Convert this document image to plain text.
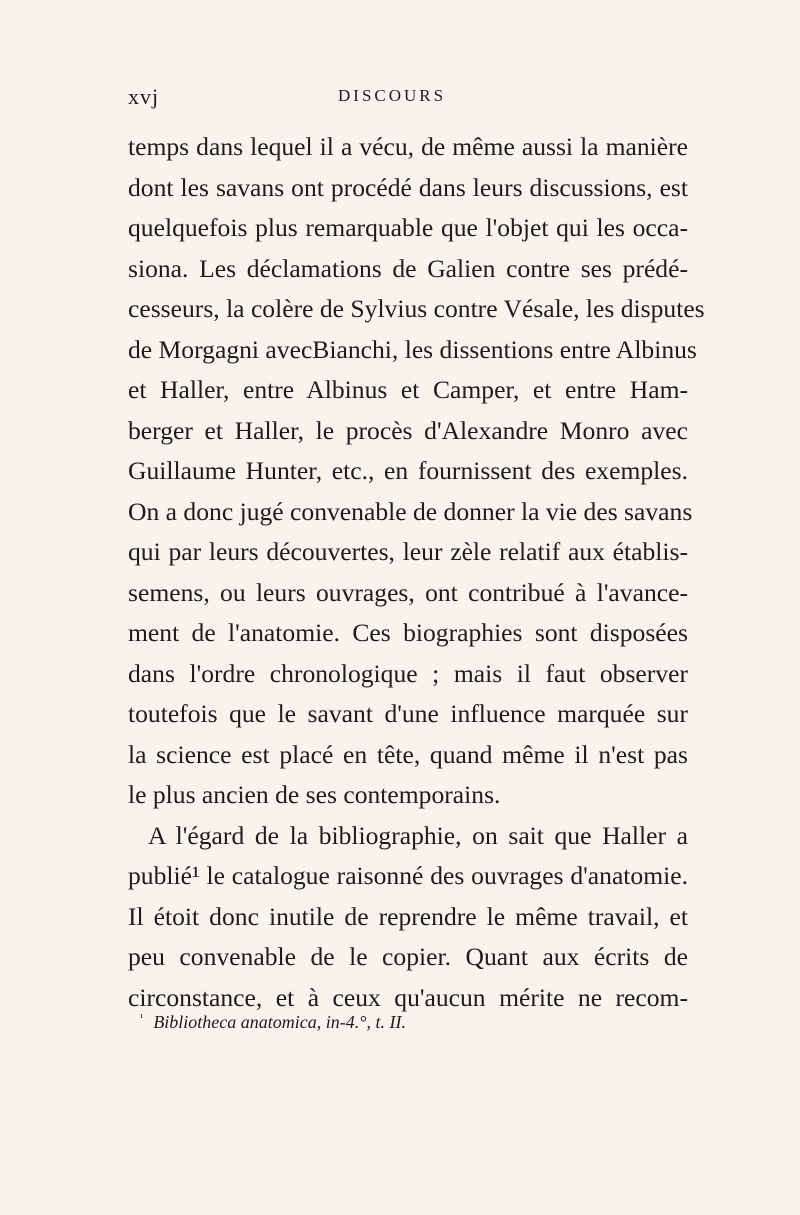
xvj	DISCOURS
temps dans lequel il a vécu, de même aussi la manière
dont les savans ont procédé dans leurs discussions, est
quelquefois plus remarquable que l'objet qui les occa-
siona. Les déclamations de Galien contre ses prédé-
cesseurs, la colère de Sylvius contre Vésale, les disputes
de Morgagni avecBianchi, les dissentions entre Albinus
et Haller, entre Albinus et Camper, et entre Ham-
berger et Haller, le procès d'Alexandre Monro avec
Guillaume Hunter, etc., en fournissent des exemples.
On a donc jugé convenable de donner la vie des savans
qui par leurs découvertes, leur zèle relatif aux établis-
semens, ou leurs ouvrages, ont contribué à l'avance-
ment de l'anatomie. Ces biographies sont disposées
dans l'ordre chronologique ; mais il faut observer
toutefois que le savant d'une influence marquée sur
la science est placé en tête, quand même il n'est pas
le plus ancien de ses contemporains.
A l'égard de la bibliographie, on sait que Haller a
publié¹ le catalogue raisonné des ouvrages d'anatomie.
Il étoit donc inutile de reprendre le même travail, et
peu convenable de le copier. Quant aux écrits de
circonstance, et à ceux qu'aucun mérite ne recom-
$^{^1}$ Bibliotheca anatomica, in-4.°, t. II.
